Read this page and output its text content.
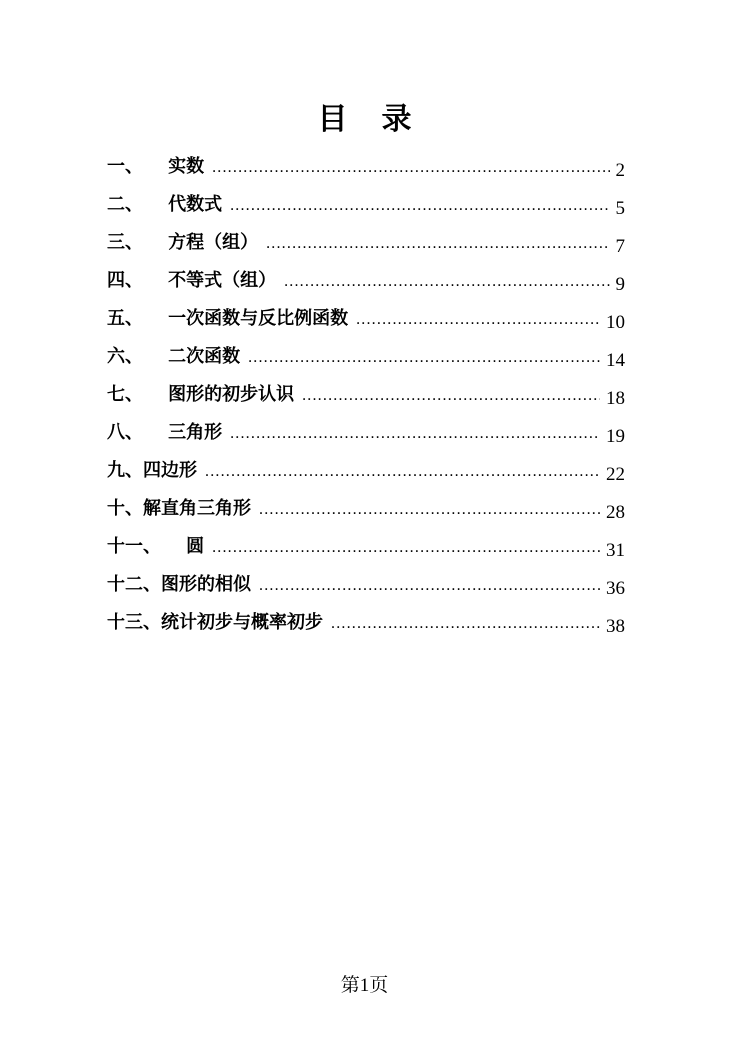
目 录
一、    实数 .....	2
二、    代数式 .....	5
三、    方程（组） .....	7
四、    不等式（组） .....	9
五、    一次函数与反比例函数 .....	10
六、    二次函数 .....	14
七、    图形的初步认识 .....	18
八、    三角形 .....	19
九、四边形 .....	22
十、解直角三角形 .....	28
十一、    圆 .....	31
十二、图形的相似 .....	36
十三、统计初步与概率初步 .....	38
第1页
